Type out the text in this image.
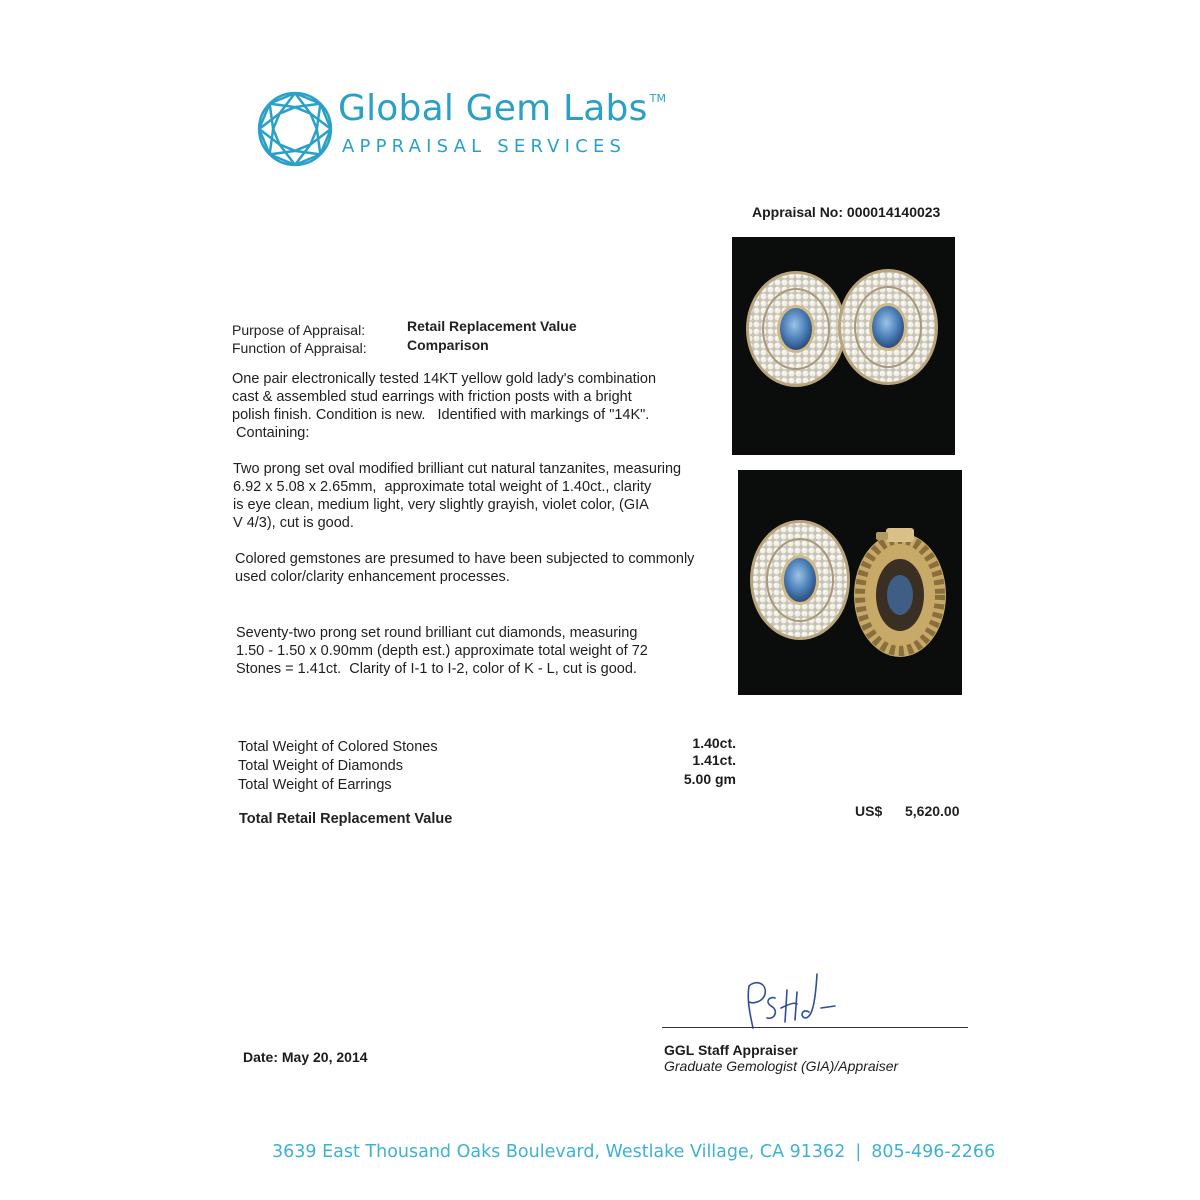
Global Gem Labs ™
APPRAISAL SERVICES
Appraisal No: 000014140023
Purpose of Appraisal:	Retail Replacement Value
Function of Appraisal:	Comparison
One pair electronically tested 14KT yellow gold lady's combination
cast & assembled stud earrings with friction posts with a bright
polish finish. Condition is new.   Identified with markings of "14K".
Containing:
Two prong set oval modified brilliant cut natural tanzanites, measuring
6.92 x 5.08 x 2.65mm,  approximate total weight of 1.40ct., clarity
is eye clean, medium light, very slightly grayish, violet color, (GIA
V 4/3), cut is good.
Colored gemstones are presumed to have been subjected to commonly
used color/clarity enhancement processes.
Seventy-two prong set round brilliant cut diamonds, measuring
1.50 - 1.50 x 0.90mm (depth est.) approximate total weight of 72
Stones = 1.41ct.  Clarity of I-1 to I-2, color of K - L, cut is good.
Total Weight of Colored Stones	1.40ct.
Total Weight of Diamonds	1.41ct.
Total Weight of Earrings	5.00 gm
Total Retail Replacement Value	US$ 5,620.00
GGL Staff Appraiser
Graduate Gemologist (GIA)/Appraiser
Date: May 20, 2014
3639 East Thousand Oaks Boulevard, Westlake Village, CA 91362 | 805-496-2266
